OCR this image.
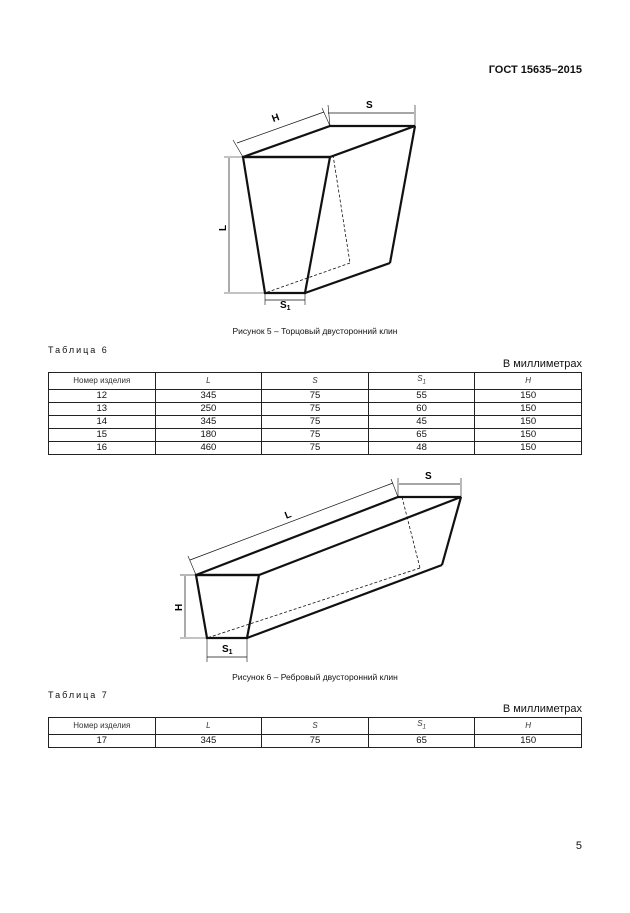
ГОСТ 15635–2015
H
S
L
$S_1$
Рисунок 5 – Торцовый двусторонний клин
Таблица 6
В миллиметрах
Номер изделия	L	S	$S_1$	H
12	345	75	55	150
13	250	75	60	150
14	345	75	45	150
15	180	75	65	150
16	460	75	48	150
L
S
H
$S_1$
Рисунок 6 – Ребровый двусторонний клин
Таблица 7
В миллиметрах
Номер изделия	L	S	$S_1$	H
17	345	75	65	150
5
